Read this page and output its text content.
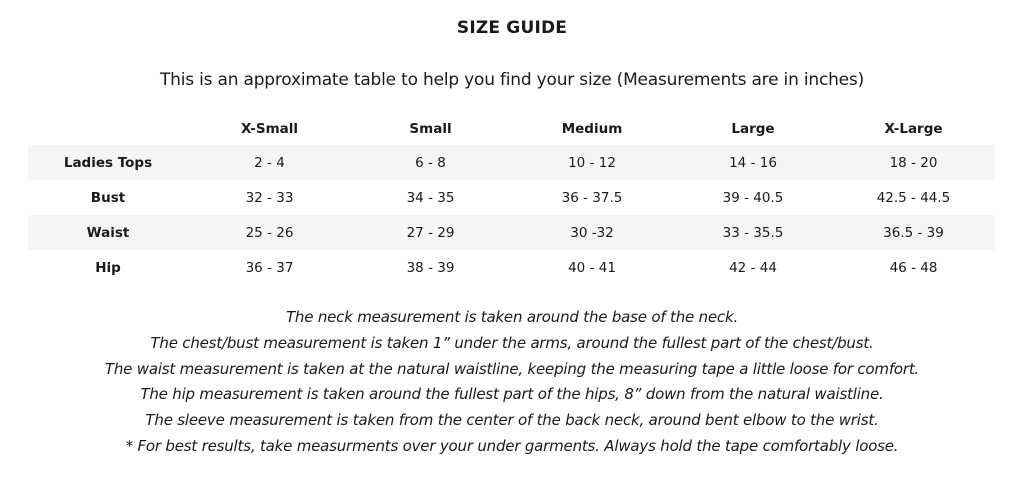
SIZE GUIDE
This is an approximate table to help you find your size (Measurements are in inches)
	X-Small	Small	Medium	Large	X-Large
Ladies Tops	2 - 4	6 - 8	10 - 12	14 - 16	18 - 20
Bust	32 - 33	34 - 35	36 - 37.5	39 - 40.5	42.5 - 44.5
Waist	25 - 26	27 - 29	30 -32	33 - 35.5	36.5 - 39
Hip	36 - 37	38 - 39	40 - 41	42 - 44	46 - 48

The neck measurement is taken around the base of the neck.

The chest/bust measurement is taken 1” under the arms, around the fullest part of the chest/bust.

The waist measurement is taken at the natural waistline, keeping the measuring tape a little loose for comfort.

The hip measurement is taken around the fullest part of the hips, 8” down from the natural waistline.

The sleeve measurement is taken from the center of the back neck, around bent elbow to the wrist.

* For best results, take measurments over your under garments. Always hold the tape comfortably loose.
